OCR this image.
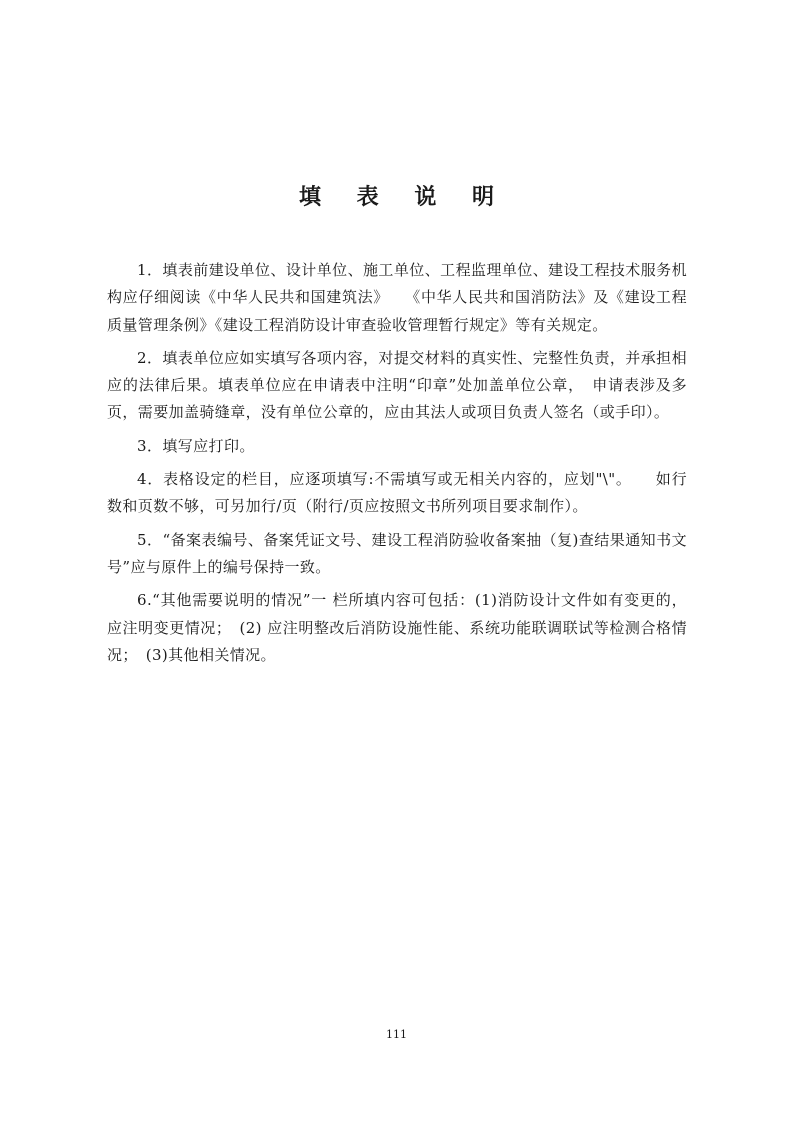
填 表 说 明

1．填表前建设单位、设计单位、施工单位、工程监理单位、建设工程技术服务机构应仔细阅读《中华人民共和国建筑法》　　《中华人民共和国消防法》及《建设工程质量管理条例》《建设工程消防设计审查验收管理暂行规定》等有关规定。

2．填表单位应如实填写各项内容，对提交材料的真实性、完整性负责，并承担相应的法律后果。填表单位应在申请表中注明“印章”处加盖单位公章，　申请表涉及多页，需要加盖骑缝章，没有单位公章的，应由其法人或项目负责人签名（或手印）。

3．填写应打印。

4．表格设定的栏目，应逐项填写:不需填写或无相关内容的，应划"\"。　　如行数和页数不够，可另加行/页（附行/页应按照文书所列项目要求制作）。

5．“备案表编号、备案凭证文号、建设工程消防验收备案抽（复)查结果通知书文号”应与原件上的编号保持一致。

6.“其他需要说明的情况”一 栏所填内容可包括：(1)消防设计文件如有变更的，应注明变更情况；　(2) 应注明整改后消防设施性能、系统功能联调联试等检测合格情况；　(3)其他相关情况。

111
